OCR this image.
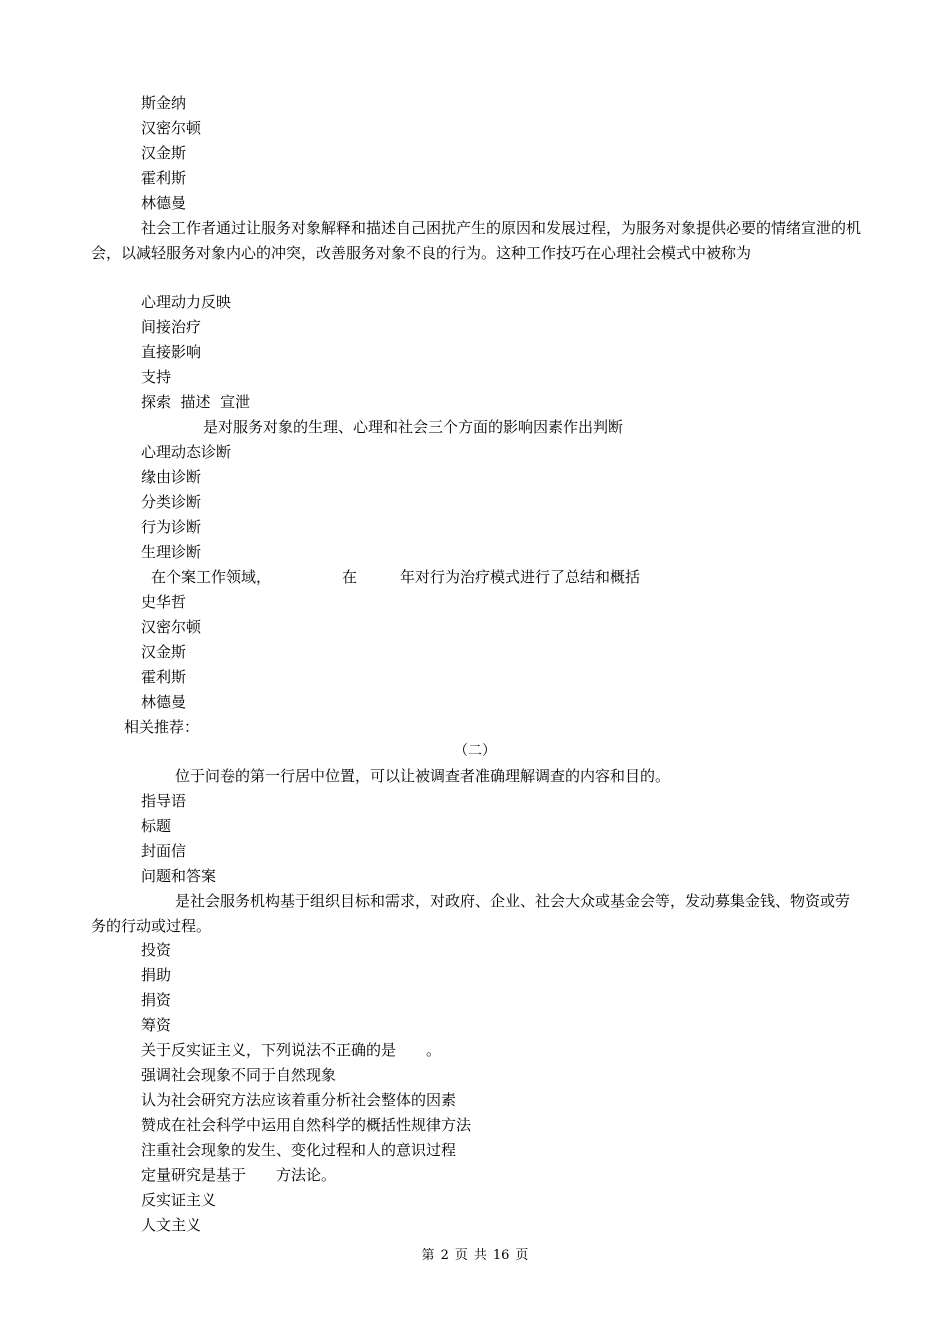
斯金纳

汉密尔顿

汉金斯

霍利斯

林德曼

社会工作者通过让服务对象解释和描述自己困扰产生的原因和发展过程，为服务对象提供必要的情绪宣泄的机会，以减轻服务对象内心的冲突，改善服务对象不良的行为。这种工作技巧在心理社会模式中被称为

心理动力反映

间接治疗

直接影响

支持

探索  描述  宣泄

是对服务对象的生理、心理和社会三个方面的影响因素作出判断

心理动态诊断

缘由诊断

分类诊断

行为诊断

生理诊断

在个案工作领域，	在	年对行为治疗模式进行了总结和概括

史华哲

汉密尔顿

汉金斯

霍利斯

林德曼

相关推荐：

（二）

位于问卷的第一行居中位置，可以让被调查者准确理解调查的内容和目的。

指导语

标题

封面信

问题和答案

是社会服务机构基于组织目标和需求，对政府、企业、社会大众或基金会等，发动募集金钱、物资或劳务的行动或过程。

投资

捐助

捐资

筹资

关于反实证主义，下列说法不正确的是　　。

强调社会现象不同于自然现象

认为社会研究方法应该着重分析社会整体的因素

赞成在社会科学中运用自然科学的概括性规律方法

注重社会现象的发生、变化过程和人的意识过程

定量研究是基于　　方法论。

反实证主义

人文主义

第 2 页 共 16 页
